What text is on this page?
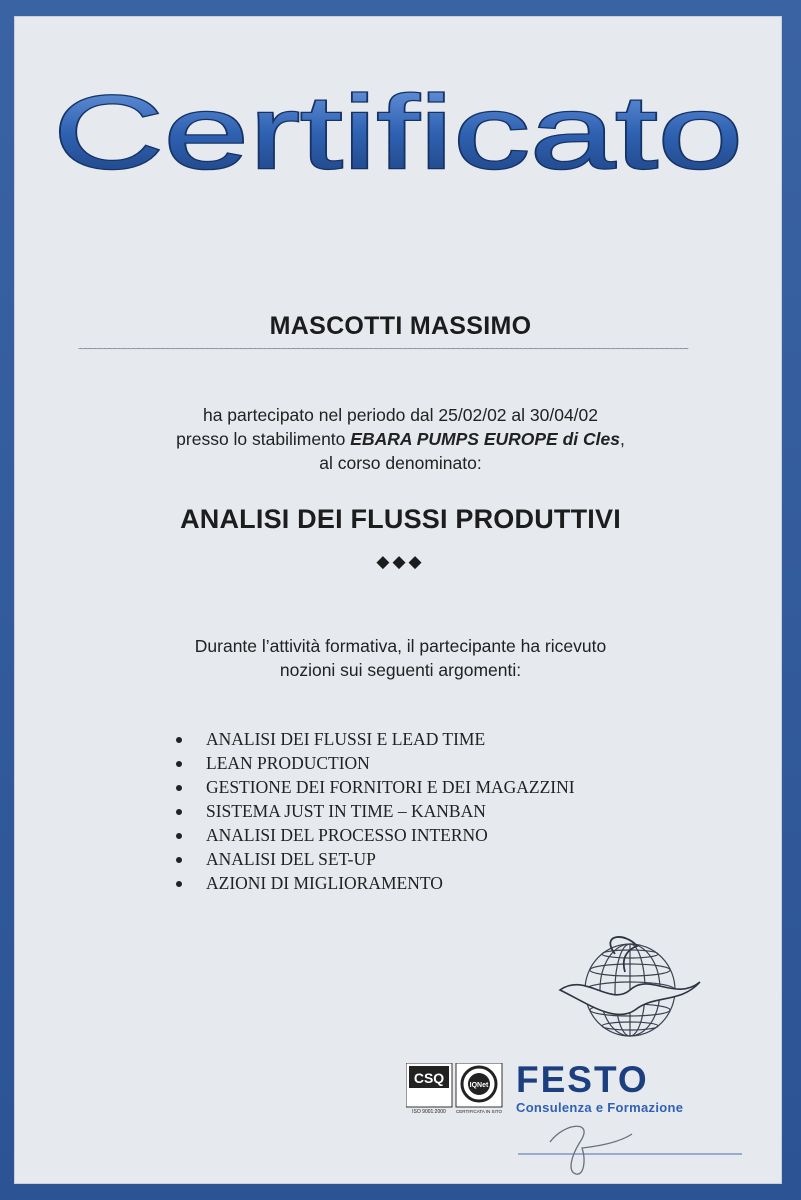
Certificato
MASCOTTI MASSIMO
~~~~~~~~~~~~~~~~~~~~~~~~~~~~~~~~~~~~~~~~~~~~~~~~~~~~~~~~~~~~~~~~~~~~~~~~~~~~~~~~~~~~~~~~~~~~~~~~~~~~~~~~~~~~~~~~~~~~~~~~~~~~~~
ha partecipato nel periodo dal 25/02/02 al 30/04/02
presso lo stabilimento EBARA PUMPS EUROPE di Cles,
al corso denominato:
ANALISI DEI FLUSSI PRODUTTIVI
◆◆◆
Durante l’attività formativa, il partecipante ha ricevuto
nozioni sui seguenti argomenti:
ANALISI DEI FLUSSI E LEAD TIME
LEAN PRODUCTION
GESTIONE DEI FORNITORI E DEI MAGAZZINI
SISTEMA JUST IN TIME – KANBAN
ANALISI DEL PROCESSO INTERNO
ANALISI DEL SET-UP
AZIONI DI MIGLIORAMENTO
CSQ	IQNet
ISO 9001:2000 CERTIFICATA IN SITO
FESTO
Consulenza e Formazione
